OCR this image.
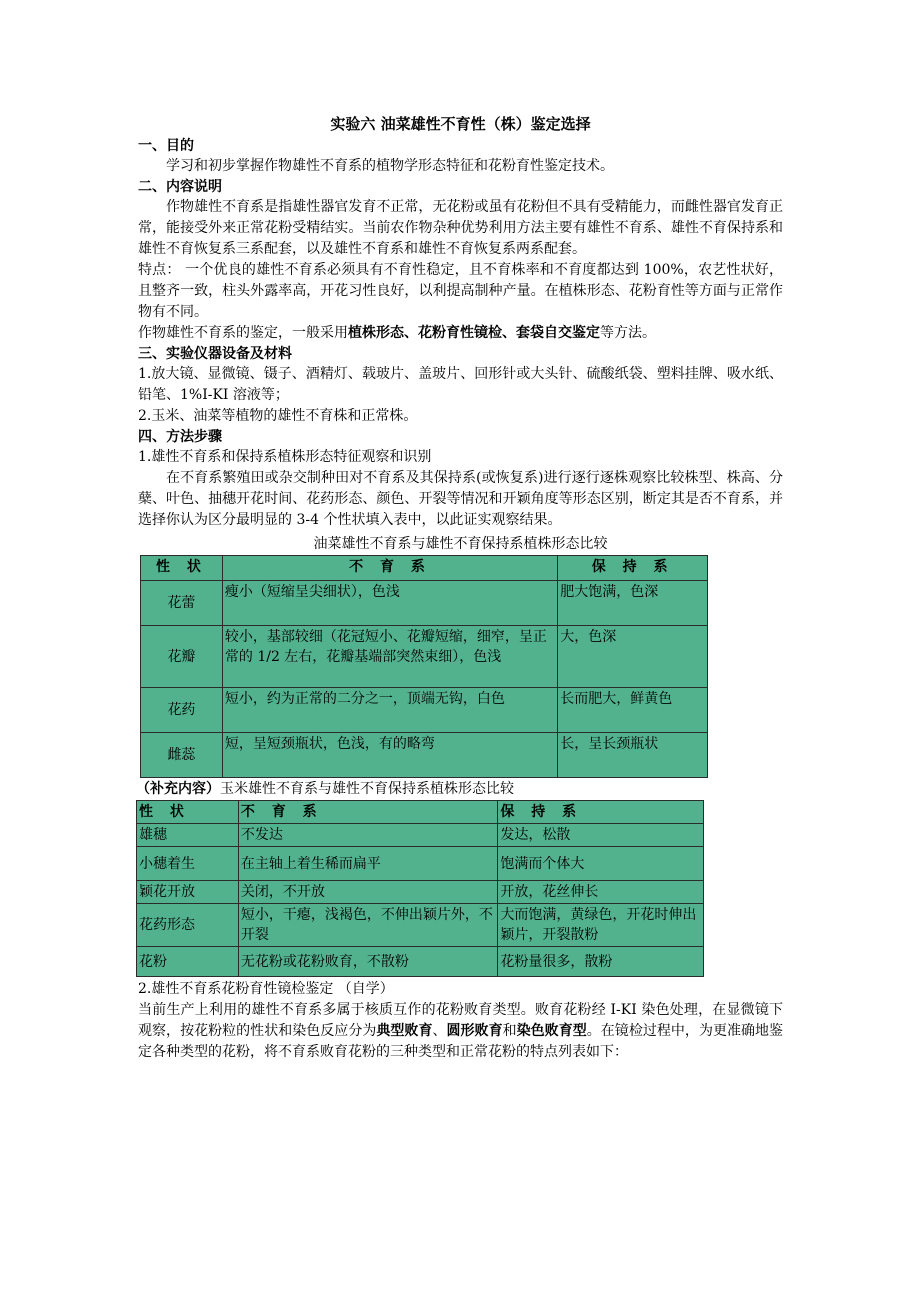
实验六 油菜雄性不育性（株）鉴定选择

一、目的

学习和初步掌握作物雄性不育系的植物学形态特征和花粉育性鉴定技术。

二、内容说明

作物雄性不育系是指雄性器官发育不正常，无花粉或虽有花粉但不具有受精能力，而雌性器官发育正常，能接受外来正常花粉受精结实。当前农作物杂种优势利用方法主要有雄性不育系、雄性不育保持系和雄性不育恢复系三系配套，以及雄性不育系和雄性不育恢复系两系配套。

特点： 一个优良的雄性不育系必须具有不育性稳定，且不育株率和不育度都达到 100%，农艺性状好，且整齐一致，柱头外露率高，开花习性良好，以利提高制种产量。在植株形态、花粉育性等方面与正常作物有不同。

作物雄性不育系的鉴定，一般采用植株形态、花粉育性镜检、套袋自交鉴定等方法。

三、实验仪器设备及材料

1.放大镜、显微镜、镊子、酒精灯、载玻片、盖玻片、回形针或大头针、硫酸纸袋、塑料挂牌、吸水纸、铅笔、1%I-KI 溶液等；

2.玉米、油菜等植物的雄性不育株和正常株。

四、方法步骤

1.雄性不育系和保持系植株形态特征观察和识别

在不育系繁殖田或杂交制种田对不育系及其保持系(或恢复系)进行逐行逐株观察比较株型、株高、分蘖、叶色、抽穗开花时间、花药形态、颜色、开裂等情况和开颖角度等形态区别，断定其是否不育系，并选择你认为区分最明显的 3-4 个性状填入表中，以此证实观察结果。

油菜雄性不育系与雄性不育保持系植株形态比较

性 状	不 育 系	保 持 系
花蕾	瘦小（短缩呈尖细状），色浅	肥大饱满，色深
花瓣	较小，基部较细（花冠短小、花瓣短缩，细窄，呈正常的 1/2 左右，花瓣基端部突然束细），色浅	大，色深
花药	短小，约为正常的二分之一，顶端无钩，白色	长而肥大，鲜黄色
雌蕊	短，呈短颈瓶状，色浅，有的略弯	长，呈长颈瓶状

（补充内容）玉米雄性不育系与雄性不育保持系植株形态比较

性 状	不 育 系	保 持 系
雄穗	不发达	发达，松散
小穗着生	在主轴上着生稀而扁平	饱满而个体大
颖花开放	关闭，不开放	开放，花丝伸长
花药形态	短小，干瘪，浅褐色，不伸出颖片外，不开裂	大而饱满，黄绿色，开花时伸出颖片，开裂散粉
花粉	无花粉或花粉败育，不散粉	花粉量很多，散粉

2.雄性不育系花粉育性镜检鉴定 （自学）

当前生产上利用的雄性不育系多属于核质互作的花粉败育类型。败育花粉经 I-KI 染色处理，在显微镜下观察，按花粉粒的性状和染色反应分为典型败育、圆形败育和染色败育型。在镜检过程中，为更准确地鉴定各种类型的花粉，将不育系败育花粉的三种类型和正常花粉的特点列表如下：
